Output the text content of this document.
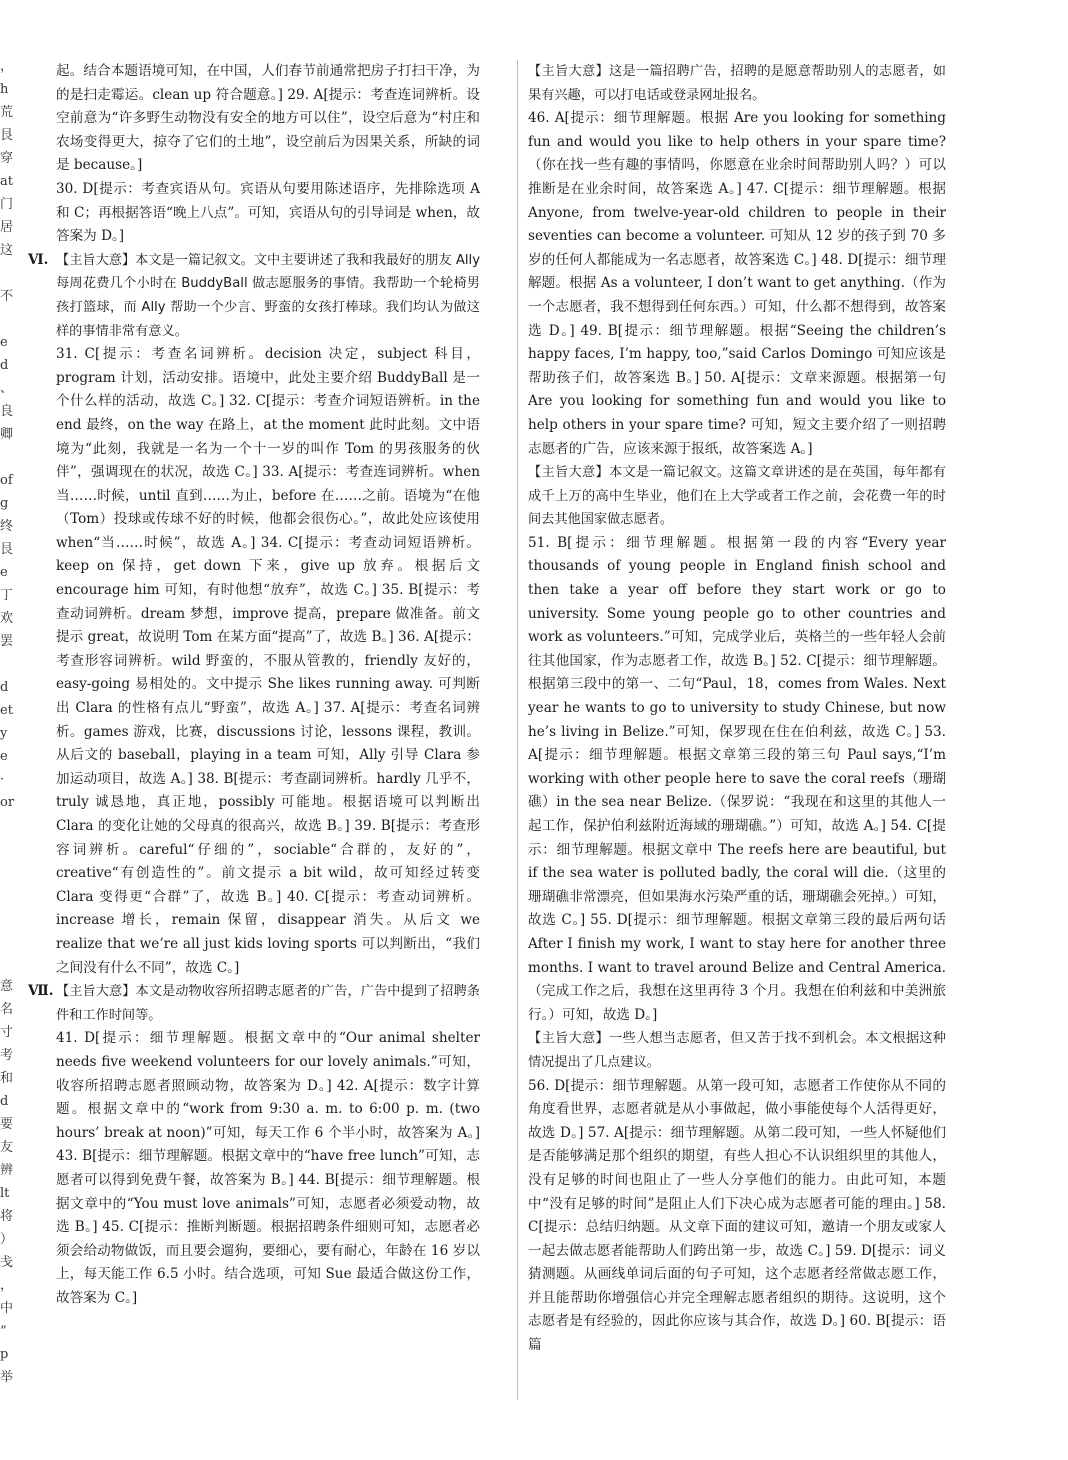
，
h
荒
艮
穿
at
门
居
这
不
e
d
、
良
卿
of
g
终
艮
e
丁
欢
罢
d
et
y
e
·
or
意
名
寸
考
和
d
要
友
辨
lt
将
）
戋
，
中
”
p
举

起。结合本题语境可知，在中国，人们春节前通常把房子打扫干净，为的是扫走霉运。clean up 符合题意。] 29. A[提示：考查连词辨析。设空前意为“许多野生动物没有安全的地方可以住”，设空后意为“村庄和农场变得更大，掠夺了它们的土地”，设空前后为因果关系，所缺的词是 because。]

30. D[提示：考查宾语从句。宾语从句要用陈述语序，先排除选项 A 和 C；再根据答语“晚上八点”。可知，宾语从句的引导词是 when，故答案为 D。]

Ⅵ. 【主旨大意】本文是一篇记叙文。文中主要讲述了我和我最好的朋友 Ally 每周花费几个小时在 BuddyBall 做志愿服务的事情。我帮助一个轮椅男孩打篮球，而 Ally 帮助一个少言、野蛮的女孩打棒球。我们均认为做这样的事情非常有意义。

31. C[提示：考查名词辨析。decision 决定，subject 科目，program 计划，活动安排。语境中，此处主要介绍 BuddyBall 是一个什么样的活动，故选 C。] 32. C[提示：考查介词短语辨析。in the end 最终，on the way 在路上，at the moment 此时此刻。文中语境为“此刻，我就是一名为一个十一岁的叫作 Tom 的男孩服务的伙伴”，强调现在的状况，故选 C。] 33. A[提示：考查连词辨析。when 当……时候，until 直到……为止，before 在……之前。语境为“在他（Tom）投球或传球不好的时候，他都会很伤心。”，故此处应该使用 when“当……时候”，故选 A。] 34. C[提示：考查动词短语辨析。keep on 保持，get down 下来，give up 放弃。根据后文 encourage him 可知，有时他想“放弃”，故选 C。] 35. B[提示：考查动词辨析。dream 梦想，improve 提高，prepare 做准备。前文提示 great，故说明 Tom 在某方面“提高”了，故选 B。] 36. A[提示：考查形容词辨析。wild 野蛮的，不服从管教的，friendly 友好的，easy-going 易相处的。文中提示 She likes running away. 可判断出 Clara 的性格有点儿“野蛮”，故选 A。] 37. A[提示：考查名词辨析。games 游戏，比赛，discussions 讨论，lessons 课程，教训。从后文的 baseball，playing in a team 可知，Ally 引导 Clara 参加运动项目，故选 A。] 38. B[提示：考查副词辨析。hardly 几乎不，truly 诚恳地，真正地，possibly 可能地。根据语境可以判断出 Clara 的变化让她的父母真的很高兴，故选 B。] 39. B[提示：考查形容词辨析。careful“仔细的”，sociable“合群的，友好的”，creative“有创造性的”。前文提示 a bit wild，故可知经过转变 Clara 变得更“合群”了，故选 B。] 40. C[提示：考查动词辨析。increase 增长，remain 保留，disappear 消失。从后文 we realize that we’re all just kids loving sports 可以判断出，“我们之间没有什么不同”，故选 C。]

Ⅶ. 【主旨大意】本文是动物收容所招聘志愿者的广告，广告中提到了招聘条件和工作时间等。

41. D[提示：细节理解题。根据文章中的“Our animal shelter needs five weekend volunteers for our lovely animals.”可知，收容所招聘志愿者照顾动物，故答案为 D。] 42. A[提示：数字计算题。根据文章中的“work from 9:30 a. m. to 6:00 p. m. (two hours’ break at noon)”可知，每天工作 6 个半小时，故答案为 A。] 43. B[提示：细节理解题。根据文章中的“have free lunch”可知，志愿者可以得到免费午餐，故答案为 B。] 44. B[提示：细节理解题。根据文章中的“You must love animals”可知，志愿者必须爱动物，故选 B。] 45. C[提示：推断判断题。根据招聘条件细则可知，志愿者必须会给动物做饭，而且要会遛狗，要细心，要有耐心，年龄在 16 岁以上，每天能工作 6.5 小时。结合选项，可知 Sue 最适合做这份工作，故答案为 C。]

【主旨大意】这是一篇招聘广告，招聘的是愿意帮助别人的志愿者，如果有兴趣，可以打电话或登录网址报名。

46. A[提示：细节理解题。根据 Are you looking for something fun and would you like to help others in your spare time?（你在找一些有趣的事情吗，你愿意在业余时间帮助别人吗？）可以推断是在业余时间，故答案选 A。] 47. C[提示：细节理解题。根据 Anyone, from twelve-year-old children to people in their seventies can become a volunteer. 可知从 12 岁的孩子到 70 多岁的任何人都能成为一名志愿者，故答案选 C。] 48. D[提示：细节理解题。根据 As a volunteer, I don’t want to get anything.（作为一个志愿者，我不想得到任何东西。）可知，什么都不想得到，故答案选 D。] 49. B[提示：细节理解题。根据“Seeing the children’s happy faces, I’m happy, too,”said Carlos Domingo 可知应该是帮助孩子们，故答案选 B。] 50. A[提示：文章来源题。根据第一句 Are you looking for something fun and would you like to help others in your spare time? 可知，短文主要介绍了一则招聘志愿者的广告，应该来源于报纸，故答案选 A。]

【主旨大意】本文是一篇记叙文。这篇文章讲述的是在英国，每年都有成千上万的高中生毕业，他们在上大学或者工作之前，会花费一年的时间去其他国家做志愿者。

51. B[提示：细节理解题。根据第一段的内容“Every year thousands of young people in England finish school and then take a year off before they start work or go to university. Some young people go to other countries and work as volunteers.”可知，完成学业后，英格兰的一些年轻人会前往其他国家，作为志愿者工作，故选 B。] 52. C[提示：细节理解题。根据第三段中的第一、二句“Paul，18，comes from Wales. Next year he wants to go to university to study Chinese, but now he’s living in Belize.”可知，保罗现在住在伯利兹，故选 C。] 53. A[提示：细节理解题。根据文章第三段的第三句 Paul says,“I’m working with other people here to save the coral reefs（珊瑚礁）in the sea near Belize.（保罗说：“我现在和这里的其他人一起工作，保护伯利兹附近海域的珊瑚礁。”）可知，故选 A。] 54. C[提示：细节理解题。根据文章中 The reefs here are beautiful, but if the sea water is polluted badly, the coral will die.（这里的珊瑚礁非常漂亮，但如果海水污染严重的话，珊瑚礁会死掉。）可知，故选 C。] 55. D[提示：细节理解题。根据文章第三段的最后两句话 After I finish my work, I want to stay here for another three months. I want to travel around Belize and Central America.（完成工作之后，我想在这里再待 3 个月。我想在伯利兹和中美洲旅行。）可知，故选 D。]

【主旨大意】一些人想当志愿者，但又苦于找不到机会。本文根据这种情况提出了几点建议。

56. D[提示：细节理解题。从第一段可知，志愿者工作使你从不同的角度看世界，志愿者就是从小事做起，做小事能使每个人活得更好，故选 D。] 57. A[提示：细节理解题。从第二段可知，一些人怀疑他们是否能够满足那个组织的期望，有些人担心不认识组织里的其他人，没有足够的时间也阻止了一些人分享他们的能力。由此可知，本题中“没有足够的时间”是阻止人们下决心成为志愿者可能的理由。] 58. C[提示：总结归纳题。从文章下面的建议可知，邀请一个朋友或家人一起去做志愿者能帮助人们跨出第一步，故选 C。] 59. D[提示：词义猜测题。从画线单词后面的句子可知，这个志愿者经常做志愿工作，并且能帮助你增强信心并完全理解志愿者组织的期待。这说明，这个志愿者是有经验的，因此你应该与其合作，故选 D。] 60. B[提示：语篇
